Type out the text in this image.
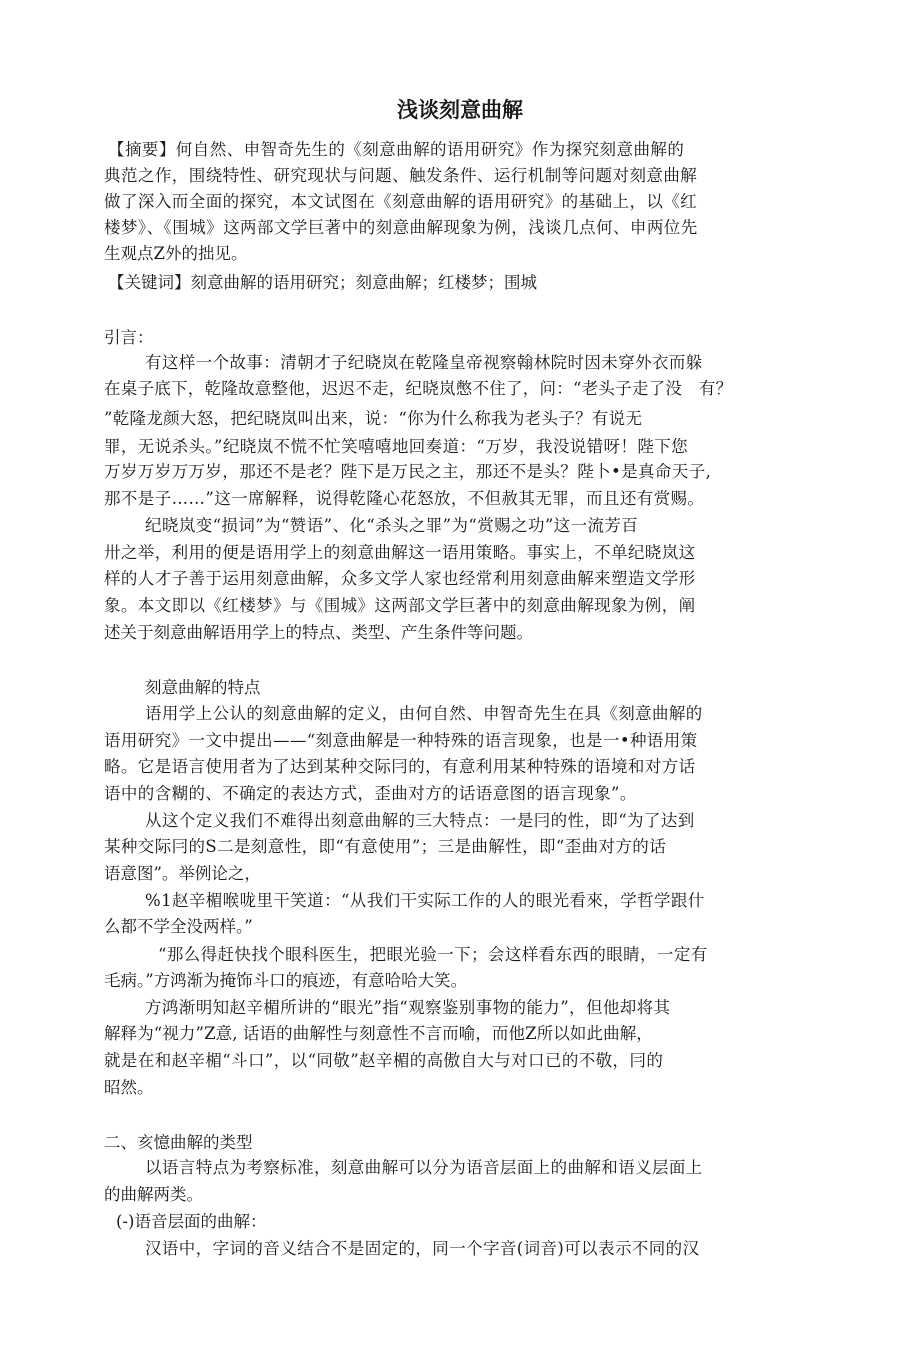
浅谈刻意曲解
【摘要】何自然、申智奇先生的《刻意曲解的语用研究》作为探究刻意曲解的
典范之作，围绕特性、研究现状与问题、触发条件、运行机制等问题对刻意曲解
做了深入而全面的探究，本文试图在《刻意曲解的语用研究》的基础上，以《红
楼梦》、《围城》这两部文学巨著中的刻意曲解现象为例，浅谈几点何、申两位先
生观点Z外的拙见。
【关键词】刻意曲解的语用研究；刻意曲解；红楼梦；围城
引言：
有这样一个故事：清朝才子纪晓岚在乾隆皇帝视察翰林院时因未穿外衣而躲
在桌子底下，乾隆故意整他，迟迟不走，纪晓岚憋不住了，问：“老头子走了没　有？
”乾隆龙颜大怒，把纪晓岚叫出来，说：“你为什么称我为老头子？有说无
罪，无说杀头。”纪晓岚不慌不忙笑嘻嘻地回奏道：“万岁，我没说错呀！陛下您
万岁万岁万万岁，那还不是老？陛下是万民之主，那还不是头？陛卜•是真命天子,
那不是子……”这一席解释，说得乾隆心花怒放，不但赦其无罪，而且还有赏赐。
纪晓岚变“损词”为“赞语”、化“杀头之罪”为“赏赐之功”这一流芳百
卅之举，利用的便是语用学上的刻意曲解这一语用策略。事实上，不单纪晓岚这
样的人才子善于运用刻意曲解，众多文学人家也经常利用刻意曲解来塑造文学形
象。本文即以《红楼梦》与《围城》这两部文学巨著中的刻意曲解现象为例，阐
述关于刻意曲解语用学上的特点、类型、产生条件等问题。
刻意曲解的特点
语用学上公认的刻意曲解的定义，由何自然、申智奇先生在具《刻意曲解的
语用研究》一文中提出——“刻意曲解是一种特殊的语言现象，也是一•种语用策
略。它是语言使用者为了达到某种交际冃的，有意利用某种特殊的语境和对方话
语中的含糊的、不确定的表达方式，歪曲对方的话语意图的语言现象”。
从这个定义我们不难得出刻意曲解的三大特点：一是冃的性，即“为了达到
某种交际冃的S二是刻意性，即“有意使用”；三是曲解性，即“歪曲对方的话
语意图”。举例论之，
%1赵辛楣喉咙里干笑道：“从我们干实际工作的人的眼光看來，学哲学跟什
么都不学全没两样。”
“那么得赶快找个眼科医生，把眼光验一下；会这样看东西的眼睛，一定有
毛病。”方鸿渐为掩饰斗口的痕迹，有意哈哈大笑。
方鸿渐明知赵辛楣所讲的“眼光”指“观察鉴别事物的能力”，但他却将其
解释为“视力”Z意, 话语的曲解性与刻意性不言而喻，而他Z所以如此曲解，
就是在和赵辛楣“斗口”，以“同敬”赵辛楣的高傲自大与对口已的不敬，冃的
昭然。
二、亥憶曲解的类型
以语言特点为考察标准，刻意曲解可以分为语音层面上的曲解和语义层面上
的曲解两类。
(-)语音层面的曲解：
汉语中，字词的音义结合不是固定的，同一个字音(词音)可以表示不同的汉
